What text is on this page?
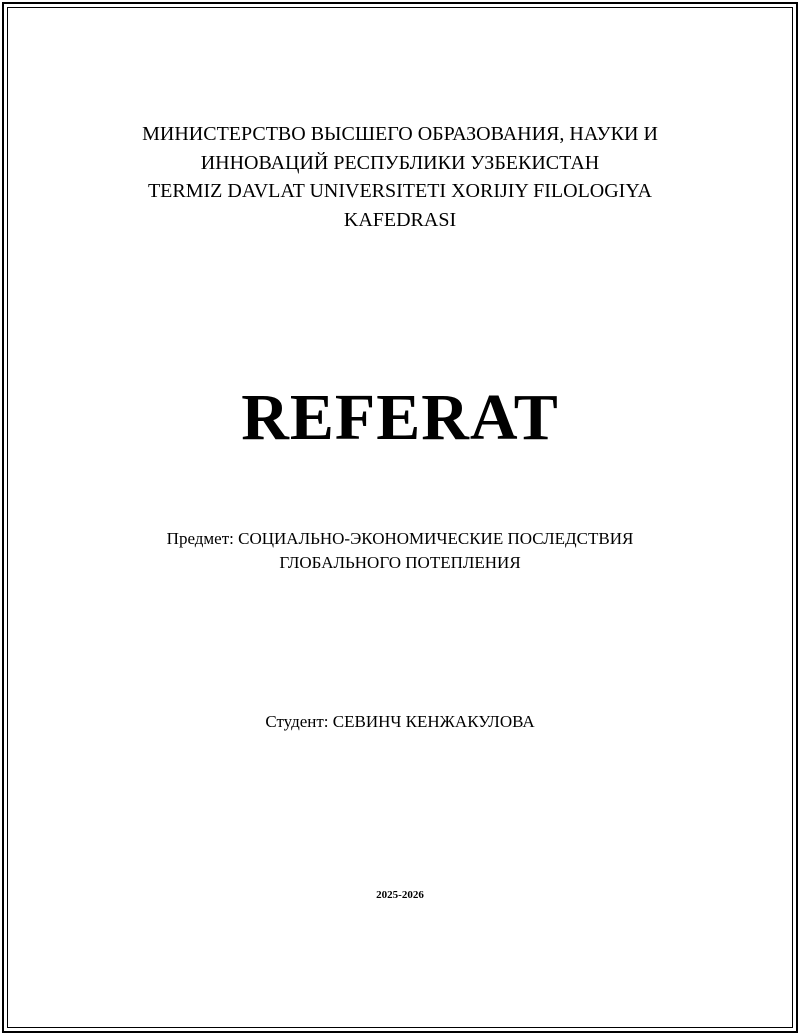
МИНИСТЕРСТВО ВЫСШЕГО ОБРАЗОВАНИЯ, НАУКИ И
ИННОВАЦИЙ РЕСПУБЛИКИ УЗБЕКИСТАН
TERMIZ DAVLAT UNIVERSITETI XORIJIY FILOLOGIYA
KAFEDRASI
REFERAT
Предмет: СОЦИАЛЬНО-ЭКОНОМИЧЕСКИЕ ПОСЛЕДСТВИЯ
ГЛОБАЛЬНОГО ПОТЕПЛЕНИЯ
Студент: СЕВИНЧ КЕНЖАКУЛОВА
2025-2026
